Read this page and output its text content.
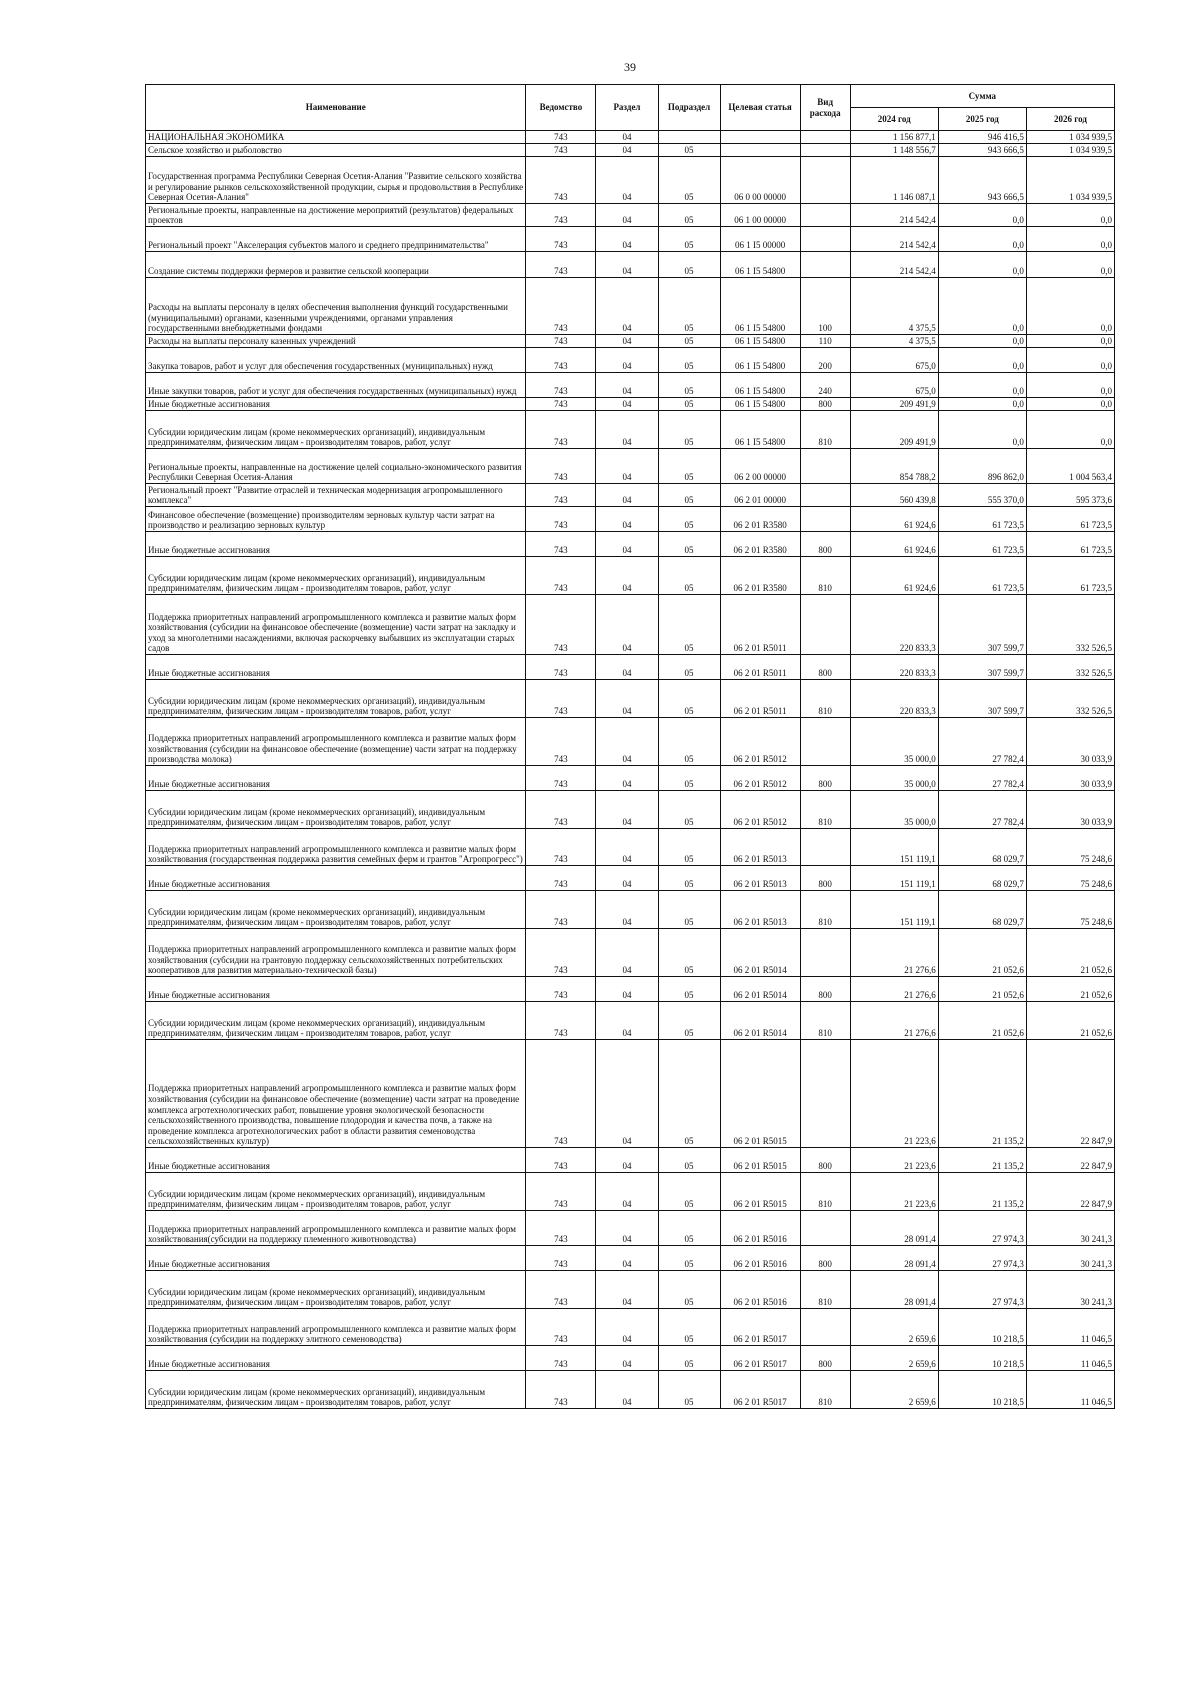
39
Наименование	Ведомство	Раздел	Подраздел	Целевая статья	Вид расхода	Сумма		
						2024 год	2025 год	2026 год
НАЦИОНАЛЬНАЯ ЭКОНОМИКА	743	04				1 156 877,1	946 416,5	1 034 939,5
Сельское хозяйство и рыболовство	743	04	05			1 148 556,7	943 666,5	1 034 939,5
Государственная программа Республики Северная Осетия-Алания "Развитие сельского хозяйства и регулирование рынков сельскохозяйственной продукции, сырья и продовольствия в Республике Северная Осетия-Алания"	743	04	05	06 0 00 00000		1 146 087,1	943 666,5	1 034 939,5
Региональные проекты, направленные на достижение мероприятий (результатов) федеральных проектов	743	04	05	06 1 00 00000		214 542,4	0,0	0,0
Региональный проект "Акселерация субъектов малого и среднего предпринимательства"	743	04	05	06 1 I5 00000		214 542,4	0,0	0,0
Создание системы поддержки фермеров и развитие сельской кооперации	743	04	05	06 1 I5 54800		214 542,4	0,0	0,0
Расходы на выплаты персоналу в целях обеспечения выполнения функций государственными (муниципальными) органами, казенными учреждениями, органами управления государственными внебюджетными фондами	743	04	05	06 1 I5 54800	100	4 375,5	0,0	0,0
Расходы на выплаты персоналу казенных учреждений	743	04	05	06 1 I5 54800	110	4 375,5	0,0	0,0
Закупка товаров, работ и услуг для обеспечения государственных (муниципальных) нужд	743	04	05	06 1 I5 54800	200	675,0	0,0	0,0
Иные закупки товаров, работ и услуг для обеспечения государственных (муниципальных) нужд	743	04	05	06 1 I5 54800	240	675,0	0,0	0,0
Иные бюджетные ассигнования	743	04	05	06 1 I5 54800	800	209 491,9	0,0	0,0
Субсидии юридическим лицам (кроме некоммерческих организаций), индивидуальным предпринимателям, физическим лицам - производителям товаров, работ, услуг	743	04	05	06 1 I5 54800	810	209 491,9	0,0	0,0
Региональные проекты, направленные на достижение целей социально-экономического развития Республики Северная Осетия-Алания	743	04	05	06 2 00 00000		854 788,2	896 862,0	1 004 563,4
Региональный проект "Развитие отраслей и техническая модернизация агропромышленного комплекса"	743	04	05	06 2 01 00000		560 439,8	555 370,0	595 373,6
Финансовое обеспечение (возмещение) производителям зерновых культур части затрат на производство и реализацию зерновых культур	743	04	05	06 2 01 R3580		61 924,6	61 723,5	61 723,5
Иные бюджетные ассигнования	743	04	05	06 2 01 R3580	800	61 924,6	61 723,5	61 723,5
Субсидии юридическим лицам (кроме некоммерческих организаций), индивидуальным предпринимателям, физическим лицам - производителям товаров, работ, услуг	743	04	05	06 2 01 R3580	810	61 924,6	61 723,5	61 723,5
Поддержка приоритетных направлений агропромышленного комплекса и развитие малых форм хозяйствования (субсидии на финансовое обеспечение (возмещение) части затрат на закладку и уход за многолетними насаждениями, включая раскорчевку выбывших из эксплуатации старых садов	743	04	05	06 2 01 R5011		220 833,3	307 599,7	332 526,5
Иные бюджетные ассигнования	743	04	05	06 2 01 R5011	800	220 833,3	307 599,7	332 526,5
Субсидии юридическим лицам (кроме некоммерческих организаций), индивидуальным предпринимателям, физическим лицам - производителям товаров, работ, услуг	743	04	05	06 2 01 R5011	810	220 833,3	307 599,7	332 526,5
Поддержка приоритетных направлений агропромышленного комплекса и развитие малых форм хозяйствования (субсидии на финансовое обеспечение (возмещение) части затрат на поддержку производства молока)	743	04	05	06 2 01 R5012		35 000,0	27 782,4	30 033,9
Иные бюджетные ассигнования	743	04	05	06 2 01 R5012	800	35 000,0	27 782,4	30 033,9
Субсидии юридическим лицам (кроме некоммерческих организаций), индивидуальным предпринимателям, физическим лицам - производителям товаров, работ, услуг	743	04	05	06 2 01 R5012	810	35 000,0	27 782,4	30 033,9
Поддержка приоритетных направлений агропромышленного комплекса и развитие малых форм хозяйствования (государственная поддержка развития семейных ферм и грантов "Агропрогресс")	743	04	05	06 2 01 R5013		151 119,1	68 029,7	75 248,6
Иные бюджетные ассигнования	743	04	05	06 2 01 R5013	800	151 119,1	68 029,7	75 248,6
Субсидии юридическим лицам (кроме некоммерческих организаций), индивидуальным предпринимателям, физическим лицам - производителям товаров, работ, услуг	743	04	05	06 2 01 R5013	810	151 119,1	68 029,7	75 248,6
Поддержка приоритетных направлений агропромышленного комплекса и развитие малых форм хозяйствования (субсидии на грантовую поддержку сельскохозяйственных потребительских кооперативов для развития материально-технической базы)	743	04	05	06 2 01 R5014		21 276,6	21 052,6	21 052,6
Иные бюджетные ассигнования	743	04	05	06 2 01 R5014	800	21 276,6	21 052,6	21 052,6
Субсидии юридическим лицам (кроме некоммерческих организаций), индивидуальным предпринимателям, физическим лицам - производителям товаров, работ, услуг	743	04	05	06 2 01 R5014	810	21 276,6	21 052,6	21 052,6
Поддержка приоритетных направлений агропромышленного комплекса и развитие малых форм хозяйствования (субсидии на финансовое обеспечение (возмещение) части затрат на проведение комплекса агротехнологических работ, повышение уровня экологической безопасности сельскохозяйственного производства, повышение плодородия и качества почв, а также на проведение комплекса агротехнологических работ в области развития семеноводства сельскохозяйственных культур)	743	04	05	06 2 01 R5015		21 223,6	21 135,2	22 847,9
Иные бюджетные ассигнования	743	04	05	06 2 01 R5015	800	21 223,6	21 135,2	22 847,9
Субсидии юридическим лицам (кроме некоммерческих организаций), индивидуальным предпринимателям, физическим лицам - производителям товаров, работ, услуг	743	04	05	06 2 01 R5015	810	21 223,6	21 135,2	22 847,9
Поддержка приоритетных направлений агропромышленного комплекса и развитие малых форм хозяйствования(субсидии на поддержку племенного животноводства)	743	04	05	06 2 01 R5016		28 091,4	27 974,3	30 241,3
Иные бюджетные ассигнования	743	04	05	06 2 01 R5016	800	28 091,4	27 974,3	30 241,3
Субсидии юридическим лицам (кроме некоммерческих организаций), индивидуальным предпринимателям, физическим лицам - производителям товаров, работ, услуг	743	04	05	06 2 01 R5016	810	28 091,4	27 974,3	30 241,3
Поддержка приоритетных направлений агропромышленного комплекса и развитие малых форм хозяйствования (субсидии на поддержку элитного семеноводства)	743	04	05	06 2 01 R5017		2 659,6	10 218,5	11 046,5
Иные бюджетные ассигнования	743	04	05	06 2 01 R5017	800	2 659,6	10 218,5	11 046,5
Субсидии юридическим лицам (кроме некоммерческих организаций), индивидуальным предпринимателям, физическим лицам - производителям товаров, работ, услуг	743	04	05	06 2 01 R5017	810	2 659,6	10 218,5	11 046,5
